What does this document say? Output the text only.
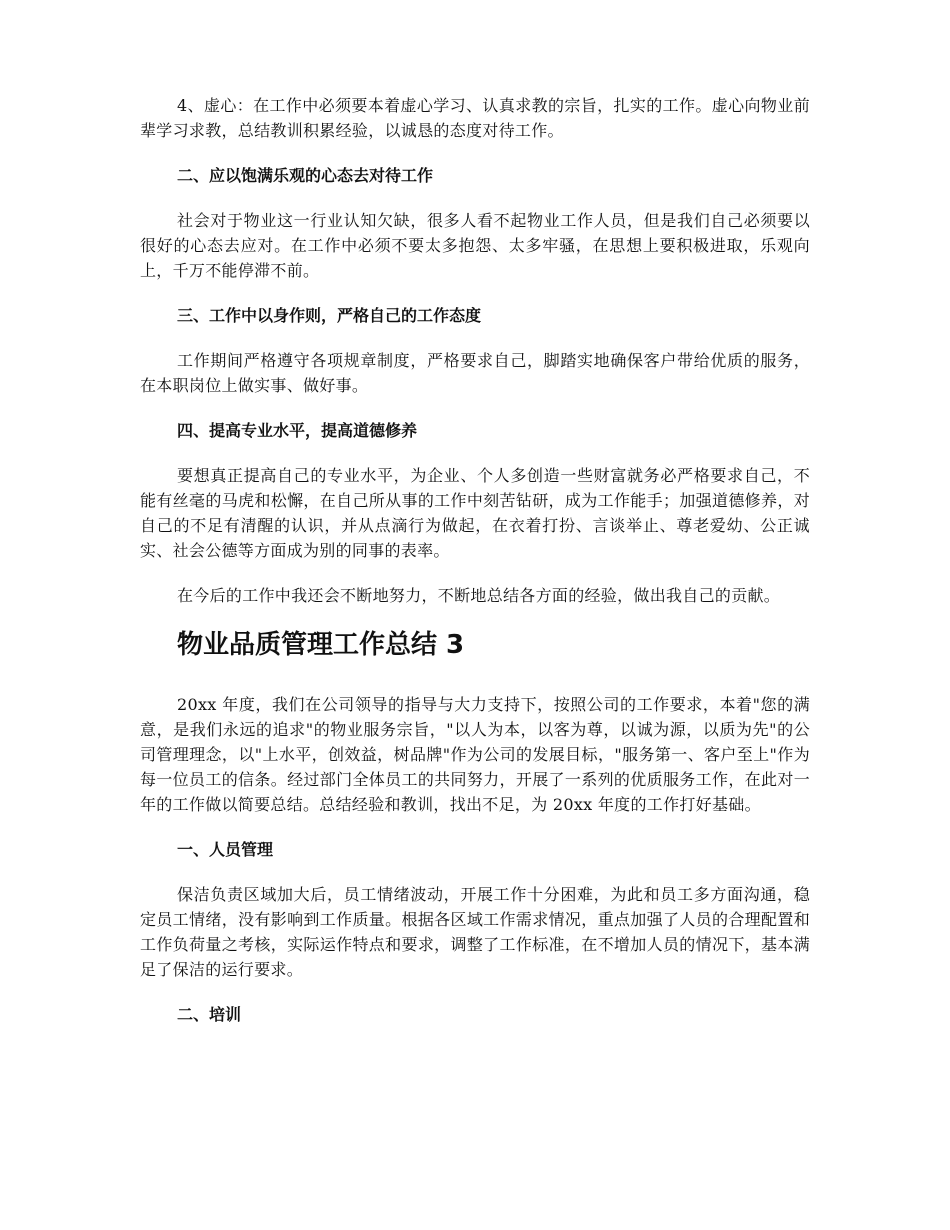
4、虚心：在工作中必须要本着虚心学习、认真求教的宗旨，扎实的工作。虚心向物业前辈学习求教，总结教训积累经验，以诚恳的态度对待工作。

二、应以饱满乐观的心态去对待工作

社会对于物业这一行业认知欠缺，很多人看不起物业工作人员，但是我们自己必须要以很好的心态去应对。在工作中必须不要太多抱怨、太多牢骚，在思想上要积极进取，乐观向上，千万不能停滞不前。

三、工作中以身作则，严格自己的工作态度

工作期间严格遵守各项规章制度，严格要求自己，脚踏实地确保客户带给优质的服务，在本职岗位上做实事、做好事。

四、提高专业水平，提高道德修养

要想真正提高自己的专业水平，为企业、个人多创造一些财富就务必严格要求自己，不能有丝毫的马虎和松懈，在自己所从事的工作中刻苦钻研，成为工作能手；加强道德修养，对自己的不足有清醒的认识，并从点滴行为做起，在衣着打扮、言谈举止、尊老爱幼、公正诚实、社会公德等方面成为别的同事的表率。

在今后的工作中我还会不断地努力，不断地总结各方面的经验，做出我自己的贡献。

物业品质管理工作总结 3

20xx 年度，我们在公司领导的指导与大力支持下，按照公司的工作要求，本着"您的满意，是我们永远的追求"的物业服务宗旨，"以人为本，以客为尊，以诚为源，以质为先"的公司管理理念，以"上水平，创效益，树品牌"作为公司的发展目标，"服务第一、客户至上"作为每一位员工的信条。经过部门全体员工的共同努力，开展了一系列的优质服务工作，在此对一年的工作做以简要总结。总结经验和教训，找出不足，为 20xx 年度的工作打好基础。

一、人员管理

保洁负责区域加大后，员工情绪波动，开展工作十分困难，为此和员工多方面沟通，稳定员工情绪，没有影响到工作质量。根据各区域工作需求情况，重点加强了人员的合理配置和工作负荷量之考核，实际运作特点和要求，调整了工作标准，在不增加人员的情况下，基本满足了保洁的运行要求。

二、培训
